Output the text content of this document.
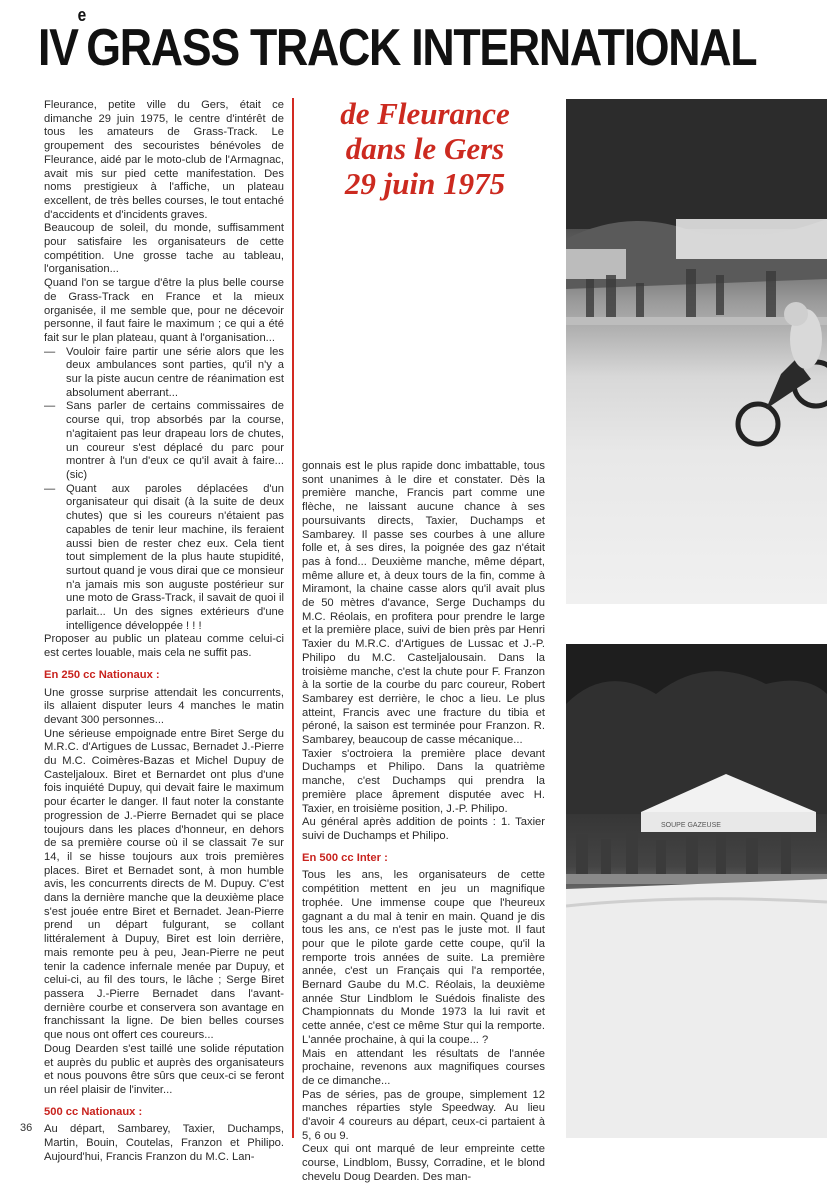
IVeGRASS TRACK INTERNATIONAL

Fleurance, petite ville du Gers, était ce dimanche 29 juin 1975, le centre d'intérêt de tous les amateurs de Grass-Track. Le groupement des secouristes bénévoles de Fleurance, aidé par le moto-club de l'Armagnac, avait mis sur pied cette manifestation. Des noms prestigieux à l'affiche, un plateau excellent, de très belles courses, le tout entaché d'accidents et d'incidents graves.

Beaucoup de soleil, du monde, suffisamment pour satisfaire les organisateurs de cette compétition. Une grosse tache au tableau, l'organisation...

Quand l'on se targue d'être la plus belle course de Grass-Track en France et la mieux organisée, il me semble que, pour ne décevoir personne, il faut faire le maximum ; ce qui a été fait sur le plan plateau, quant à l'organisation...

— Vouloir faire partir une série alors que les deux ambulances sont parties, qu'il n'y a sur la piste aucun centre de réanimation est absolument aberrant...
— Sans parler de certains commissaires de course qui, trop absorbés par la course, n'agitaient pas leur drapeau lors de chutes, un coureur s'est déplacé du parc pour montrer à l'un d'eux ce qu'il avait à faire... (sic)
— Quant aux paroles déplacées d'un organisateur qui disait (à la suite de deux chutes) que si les coureurs n'étaient pas capables de tenir leur machine, ils feraient aussi bien de rester chez eux. Cela tient tout simplement de la plus haute stupidité, surtout quand je vous dirai que ce monsieur n'a jamais mis son auguste postérieur sur une moto de Grass-Track, il savait de quoi il parlait... Un des signes extérieurs d'une intelligence développée ! ! !

Proposer au public un plateau comme celui-ci est certes louable, mais cela ne suffit pas.

En 250 cc Nationaux :

Une grosse surprise attendait les concurrents, ils allaient disputer leurs 4 manches le matin devant 300 personnes...

Une sérieuse empoignade entre Biret Serge du M.R.C. d'Artigues de Lussac, Bernadet J.-Pierre du M.C. Coimères-Bazas et Michel Dupuy de Casteljaloux. Biret et Bernardet ont plus d'une fois inquiété Dupuy, qui devait faire le maximum pour écarter le danger. Il faut noter la constante progression de J.-Pierre Bernadet qui se place toujours dans les places d'honneur, en dehors de sa première course où il se classait 7e sur 14, il se hisse toujours aux trois premières places. Biret et Bernadet sont, à mon humble avis, les concurrents directs de M. Dupuy. C'est dans la dernière manche que la deuxième place s'est jouée entre Biret et Bernadet. Jean-Pierre prend un départ fulgurant, se collant littéralement à Dupuy, Biret est loin derrière, mais remonte peu à peu, Jean-Pierre ne peut tenir la cadence infernale menée par Dupuy, et celui-ci, au fil des tours, le lâche ; Serge Biret passera J.-Pierre Bernadet dans l'avant-dernière courbe et conservera son avantage en franchissant la ligne. De bien belles courses que nous ont offert ces coureurs...

Doug Dearden s'est taillé une solide réputation et auprès du public et auprès des organisateurs et nous pouvons être sûrs que ceux-ci se feront un réel plaisir de l'inviter...

500 cc Nationaux :

Au départ, Sambarey, Taxier, Duchamps, Martin, Bouin, Coutelas, Franzon et Philipo. Aujourd'hui, Francis Franzon du M.C. Lan-

de Fleurance
dans le Gers
29 juin 1975

gonnais est le plus rapide donc imbattable, tous sont unanimes à le dire et constater. Dès la première manche, Francis part comme une flèche, ne laissant aucune chance à ses poursuivants directs, Taxier, Duchamps et Sambarey. Il passe ses courbes à une allure folle et, à ses dires, la poignée des gaz n'était pas à fond... Deuxième manche, même départ, même allure et, à deux tours de la fin, comme à Miramont, la chaine casse alors qu'il avait plus de 50 mètres d'avance, Serge Duchamps du M.C. Réolais, en profitera pour prendre le large et la première place, suivi de bien près par Henri Taxier du M.R.C. d'Artigues de Lussac et J.-P. Philipo du M.C. Casteljalousain. Dans la troisième manche, c'est la chute pour F. Franzon à la sortie de la courbe du parc coureur, Robert Sambarey est derrière, le choc a lieu. Le plus atteint, Francis avec une fracture du tibia et péroné, la saison est terminée pour Franzon. R. Sambarey, beaucoup de casse mécanique...

Taxier s'octroiera la première place devant Duchamps et Philipo. Dans la quatrième manche, c'est Duchamps qui prendra la première place âprement disputée avec H. Taxier, en troisième position, J.-P. Philipo.

Au général après addition de points : 1. Taxier suivi de Duchamps et Philipo.

En 500 cc Inter :

Tous les ans, les organisateurs de cette compétition mettent en jeu un magnifique trophée. Une immense coupe que l'heureux gagnant a du mal à tenir en main. Quand je dis tous les ans, ce n'est pas le juste mot. Il faut pour que le pilote garde cette coupe, qu'il la remporte trois années de suite. La première année, c'est un Français qui l'a remportée, Bernard Gaube du M.C. Réolais, la deuxième année Stur Lindblom le Suédois finaliste des Championnats du Monde 1973 la lui ravit et cette année, c'est ce même Stur qui la remporte. L'année prochaine, à qui la coupe... ?

Mais en attendant les résultats de l'année prochaine, revenons aux magnifiques courses de ce dimanche...

Pas de séries, pas de groupe, simplement 12 manches réparties style Speedway. Au lieu d'avoir 4 coureurs au départ, ceux-ci partaient à 5, 6 ou 9.

Ceux qui ont marqué de leur empreinte cette course, Lindblom, Bussy, Corradine, et le blond chevelu Doug Dearden. Des man-

SOUPE GAZEUSE
36
